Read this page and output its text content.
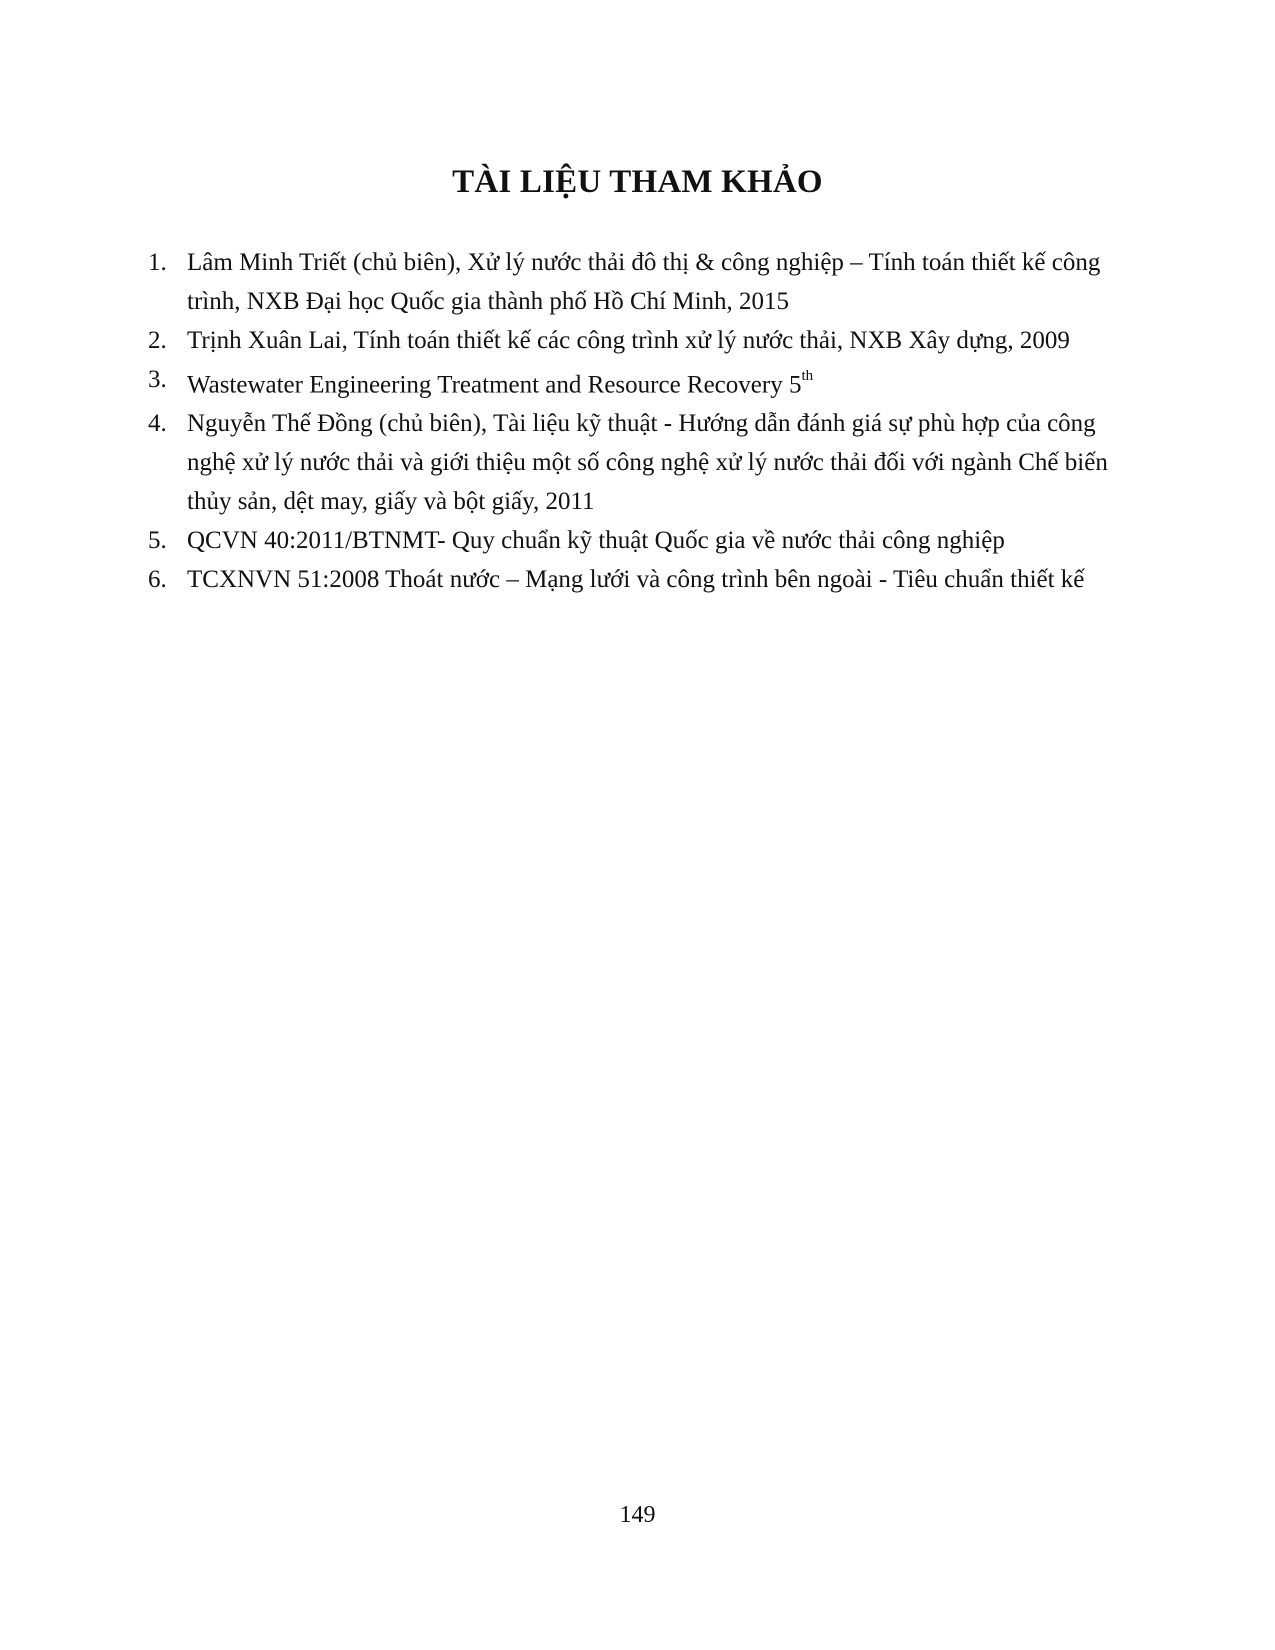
TÀI LIỆU THAM KHẢO
1. Lâm Minh Triết (chủ biên), Xử lý nước thải đô thị & công nghiệp – Tính toán thiết kế công trình, NXB Đại học Quốc gia thành phố Hồ Chí Minh, 2015
2. Trịnh Xuân Lai, Tính toán thiết kế các công trình xử lý nước thải, NXB Xây dựng, 2009
3. Wastewater Engineering Treatment and Resource Recovery 5th
4. Nguyễn Thế Đồng (chủ biên), Tài liệu kỹ thuật - Hướng dẫn đánh giá sự phù hợp của công nghệ xử lý nước thải và giới thiệu một số công nghệ xử lý nước thải đối với ngành Chế biến thủy sản, dệt may, giấy và bột giấy, 2011
5. QCVN 40:2011/BTNMT- Quy chuẩn kỹ thuật Quốc gia về nước thải công nghiệp
6. TCXNVN 51:2008 Thoát nước – Mạng lưới và công trình bên ngoài - Tiêu chuẩn thiết kế
149
